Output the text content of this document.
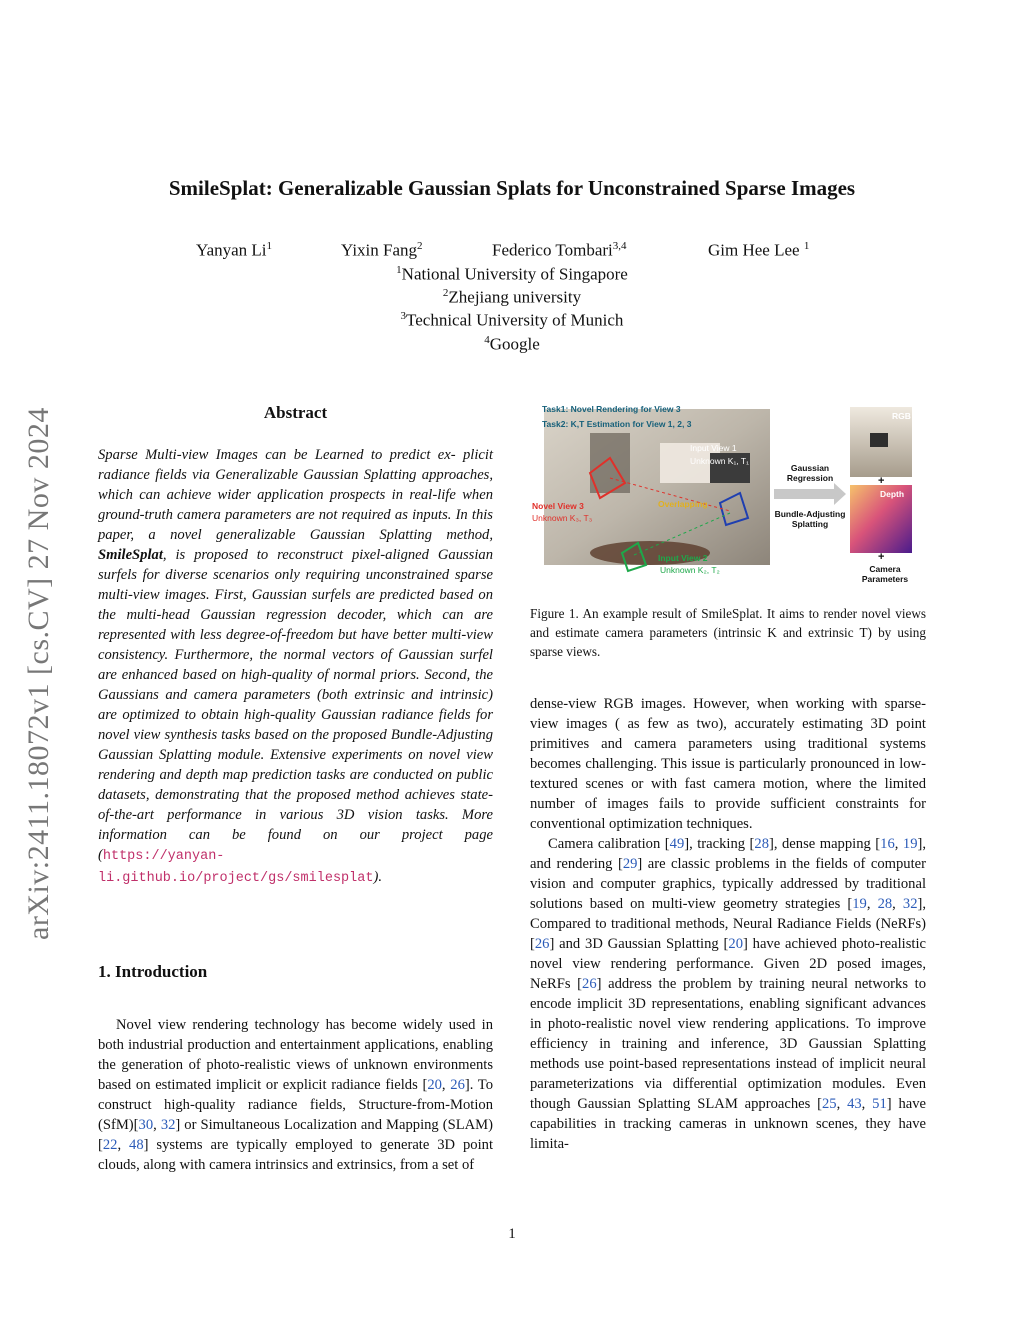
arXiv:2411.18072v1 [cs.CV] 27 Nov 2024
SmileSplat: Generalizable Gaussian Splats for Unconstrained Sparse Images
Yanyan Li$^1$	Yixin Fang$^2$	Federico Tombari$^{3,4}$	Gim Hee Lee $^1$
$^1$National University of Singapore
$^2$Zhejiang university
$^3$Technical University of Munich
$^4$Google
Abstract

Sparse Multi-view Images can be Learned to predict ex- plicit radiance fields via Generalizable Gaussian Splatting approaches, which can achieve wider application prospects in real-life when ground-truth camera parameters are not required as inputs. In this paper, a novel generalizable Gaussian Splatting method, SmileSplat, is proposed to reconstruct pixel-aligned Gaussian surfels for diverse scenarios only requiring unconstrained sparse multi-view images. First, Gaussian surfels are predicted based on the multi-head Gaussian regression decoder, which can are represented with less degree-of-freedom but have better multi-view consistency. Furthermore, the normal vectors of Gaussian surfel are enhanced based on high-quality of normal priors. Second, the Gaussians and camera parameters (both extrinsic and intrinsic) are optimized to obtain high-quality Gaussian radiance fields for novel view synthesis tasks based on the proposed Bundle-Adjusting Gaussian Splatting module. Extensive experiments on novel view rendering and depth map prediction tasks are conducted on public datasets, demonstrating that the proposed method achieves state-of-the-art performance in various 3D vision tasks. More information can be found on our project page (https://yanyan-li.github.io/project/gs/smilesplat).

1. Introduction

Novel view rendering technology has become widely used in both industrial production and entertainment applications, enabling the generation of photo-realistic views of unknown environments based on estimated implicit or explicit radiance fields [20, 26]. To construct high-quality radiance fields, Structure-from-Motion (SfM)[30, 32] or Simultaneous Localization and Mapping (SLAM) [22, 48] systems are typically employed to generate 3D point clouds, along with camera intrinsics and extrinsics, from a set of

Task1: Novel Rendering for View 3
Task2: K,T Estimation for View 1, 2, 3
Input View 1
Unknown K₁, T₁
Novel View 3
Unknown K₃, T₃
Overlapping
Input View 2
Unknown K₂, T₂
Gaussian Regression
Bundle-Adjusting Splatting
RGB
Depth
+
+
Camera Parameters
Figure 1. An example result of SmileSplat. It aims to render novel views and estimate camera parameters (intrinsic K and extrinsic T) by using sparse views.

dense-view RGB images. However, when working with sparse-view images ( as few as two), accurately estimating 3D point primitives and camera parameters using traditional systems becomes challenging. This issue is particularly pronounced in low-textured scenes or with fast camera motion, where the limited number of images fails to provide sufficient constraints for conventional optimization techniques.

Camera calibration [49], tracking [28], dense mapping [16, 19], and rendering [29] are classic problems in the fields of computer vision and computer graphics, typically addressed by traditional solutions based on multi-view geometry strategies [19, 28, 32], Compared to traditional methods, Neural Radiance Fields (NeRFs) [26] and 3D Gaussian Splatting [20] have achieved photo-realistic novel view rendering performance. Given 2D posed images, NeRFs [26] address the problem by training neural networks to encode implicit 3D representations, enabling significant advances in photo-realistic novel view rendering applications. To improve efficiency in training and inference, 3D Gaussian Splatting methods use point-based representations instead of implicit neural parameterizations via differential optimization modules. Even though Gaussian Splatting SLAM approaches [25, 43, 51] have capabilities in tracking cameras in unknown scenes, they have limita-

1
